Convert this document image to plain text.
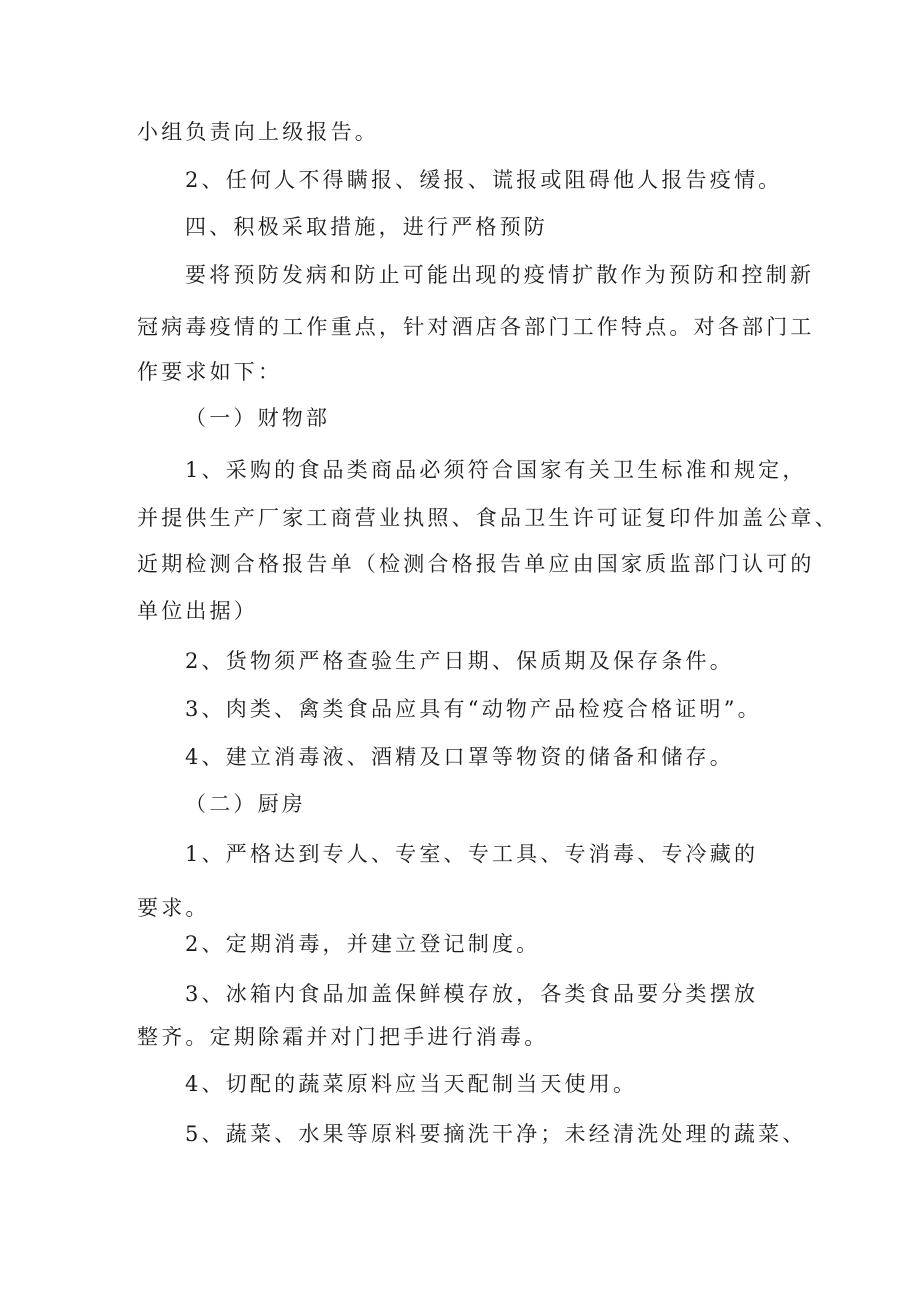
小组负责向上级报告。
2、任何人不得瞒报、缓报、谎报或阻碍他人报告疫情。
四、积极采取措施，进行严格预防
要将预防发病和防止可能出现的疫情扩散作为预防和控制新
冠病毒疫情的工作重点，针对酒店各部门工作特点。对各部门工
作要求如下：
（一）财物部
1、采购的食品类商品必须符合国家有关卫生标准和规定，
并提供生产厂家工商营业执照、食品卫生许可证复印件加盖公章、
近期检测合格报告单（检测合格报告单应由国家质监部门认可的
单位出据）
2、货物须严格查验生产日期、保质期及保存条件。
3、肉类、禽类食品应具有“动物产品检疫合格证明”。
4、建立消毒液、酒精及口罩等物资的储备和储存。
（二）厨房
1、严格达到专人、专室、专工具、专消毒、专冷藏的
要求。
2、定期消毒，并建立登记制度。
3、冰箱内食品加盖保鲜模存放，各类食品要分类摆放
整齐。定期除霜并对门把手进行消毒。
4、切配的蔬菜原料应当天配制当天使用。
5、蔬菜、水果等原料要摘洗干净；未经清洗处理的蔬菜、
